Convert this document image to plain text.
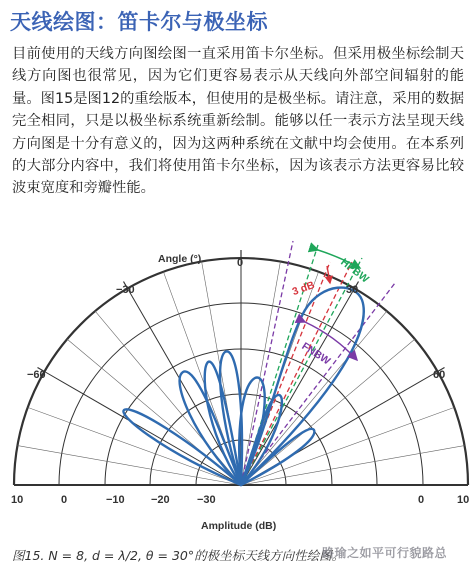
天线绘图：笛卡尔与极坐标
目前使用的天线方向图绘图一直采用笛卡尔坐标。但采用极坐标绘制天线方向图也很常见，因为它们更容易表示从天线向外部空间辐射的能量。图15是图12的重绘版本，但使用的是极坐标。请注意，采用的数据完全相同，只是以极坐标系统重新绘制。能够以任一表示方法呈现天线方向图是十分有意义的，因为这两种系统在文献中均会使用。在本系列的大部分内容中，我们将使用笛卡尔坐标，因为该表示方法更容易比较波束宽度和旁瓣性能。
3 dB
HPBW
FNBW
Angle (°)
Amplitude (dB)
−60
−30
0
30
60
10	0	−10 −20 −30	0	10
图15. N = 8, d = λ/2, θ = 30°的极坐标天线方向性绘图。
路瑜之如平可行貌路总
